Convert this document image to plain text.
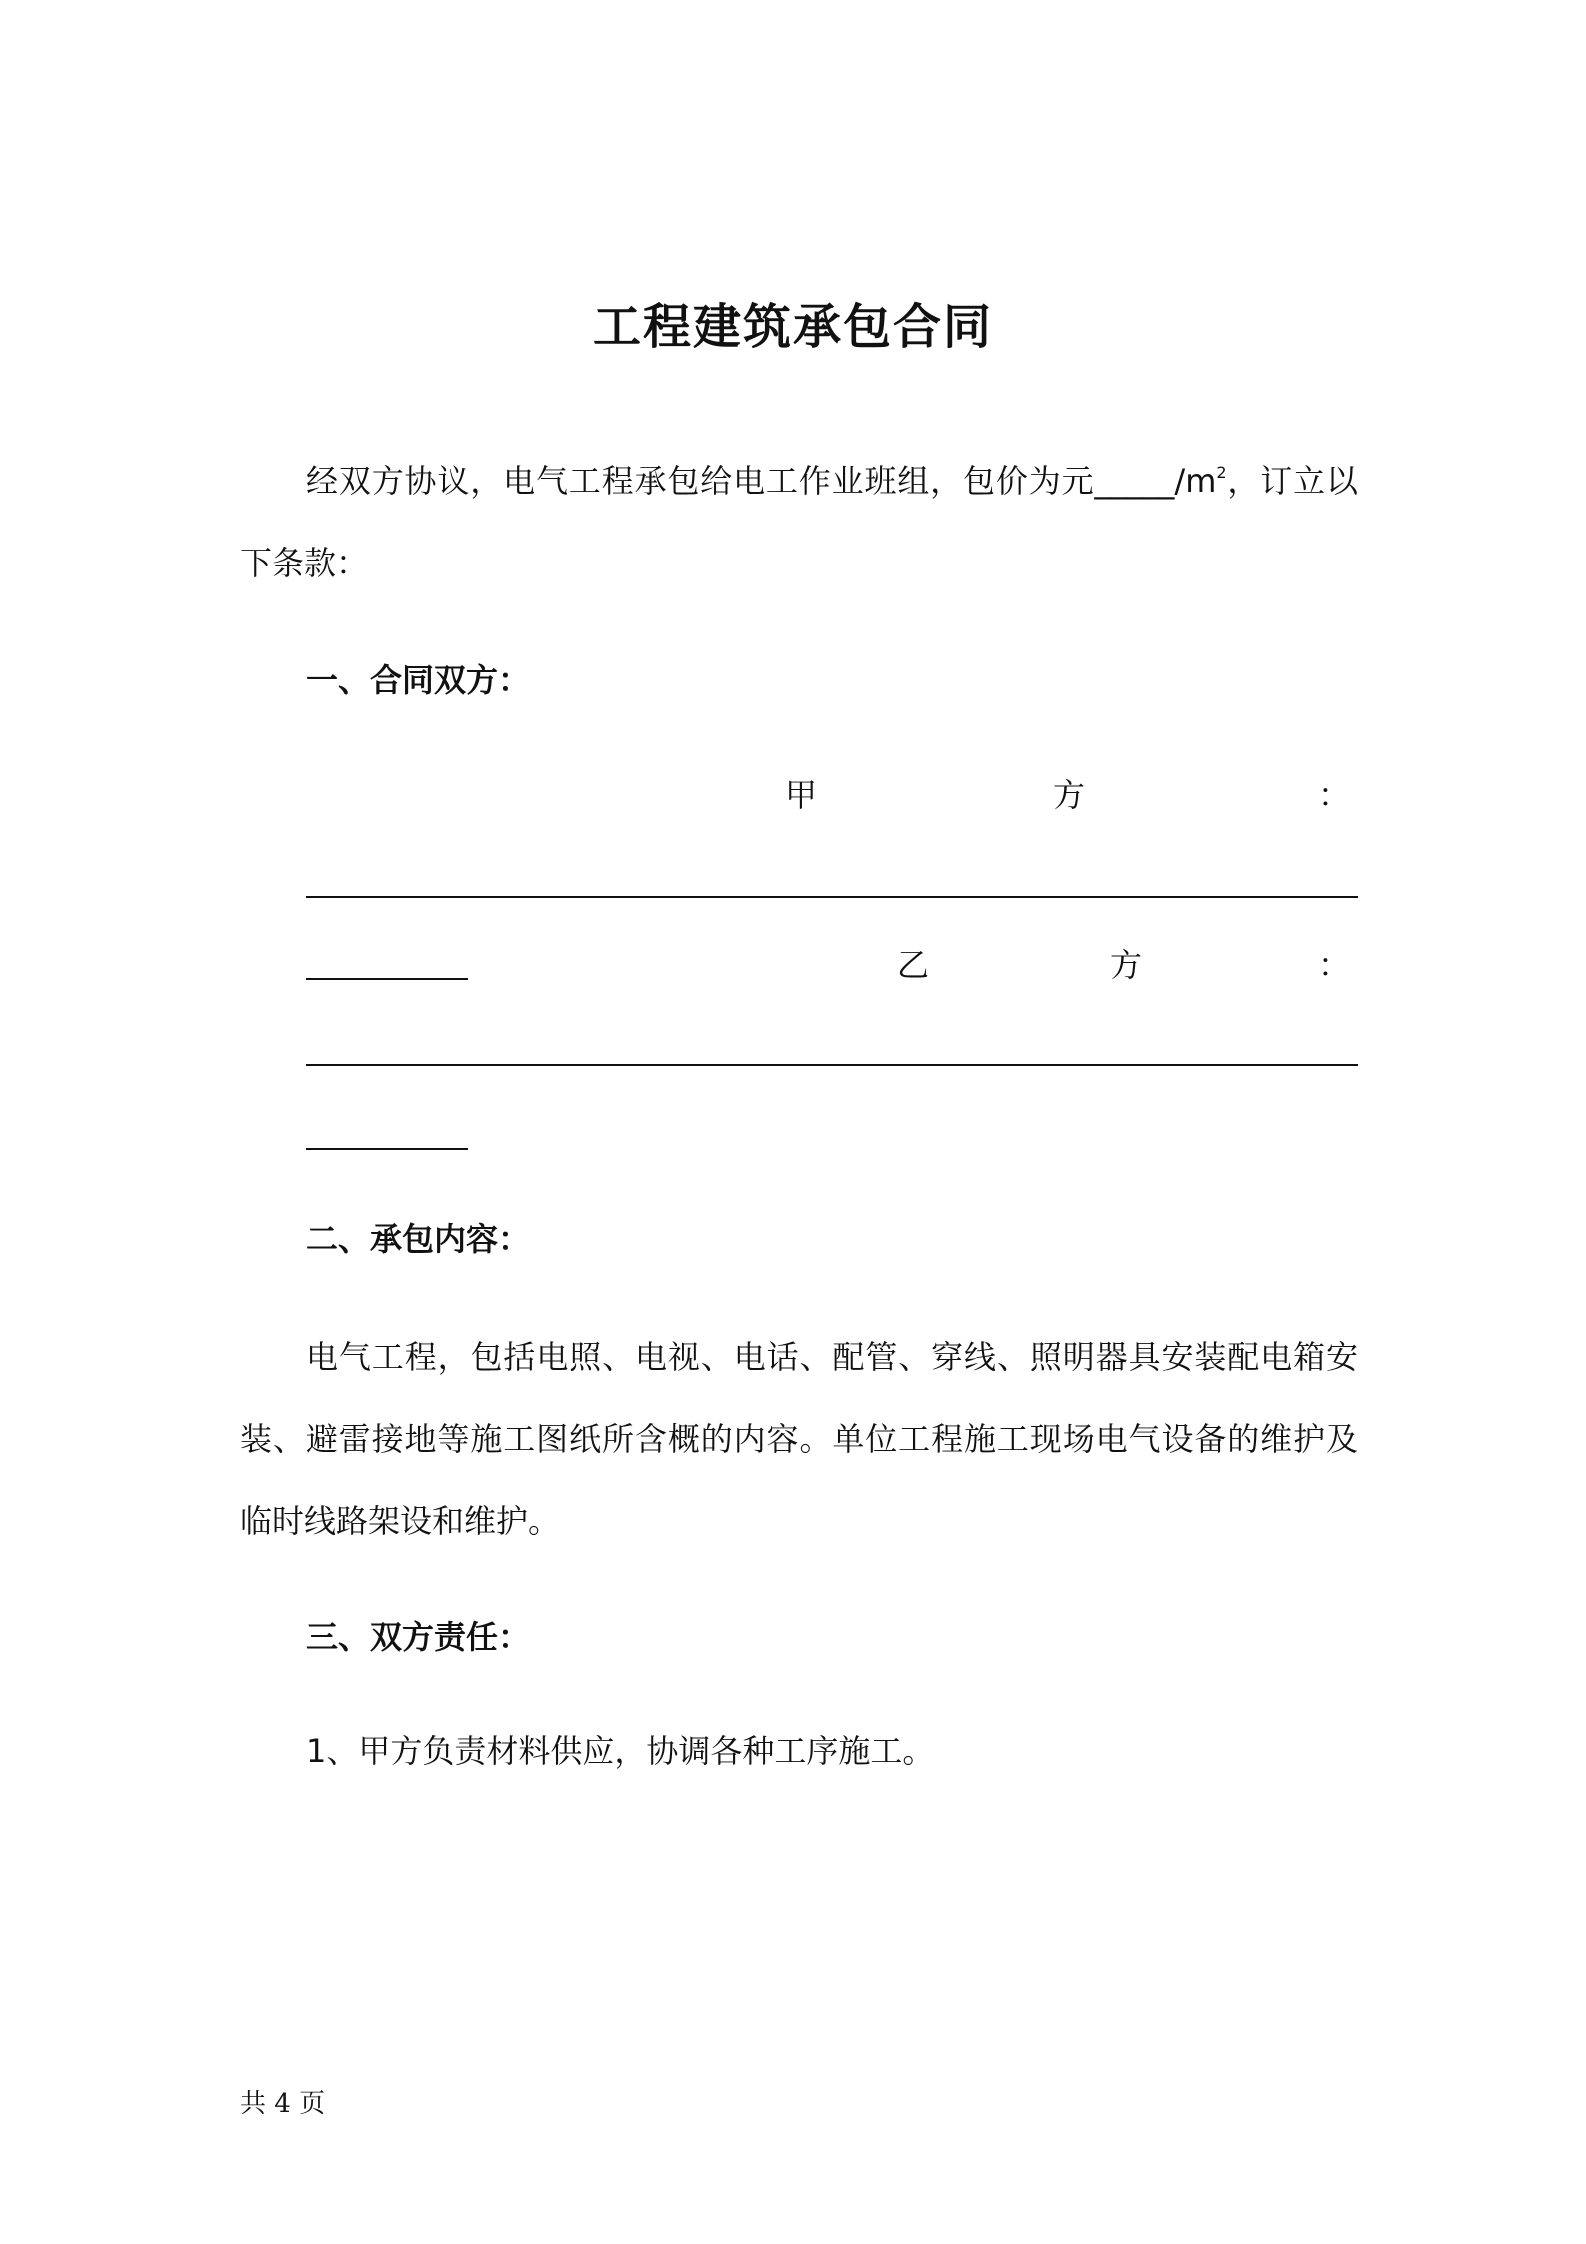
工程建筑承包合同

经双方协议，电气工程承包给电工作业班组，包价为元$\_\_\_\_\_/m^2$，订立以下条款：

一、合同双方：

甲	方	：
乙	方	：

二、承包内容：

电气工程，包括电照、电视、电话、配管、穿线、照明器具安装配电箱安装、避雷接地等施工图纸所含概的内容。单位工程施工现场电气设备的维护及临时线路架设和维护。

三、双方责任：

1、甲方负责材料供应，协调各种工序施工。

共 4 页
